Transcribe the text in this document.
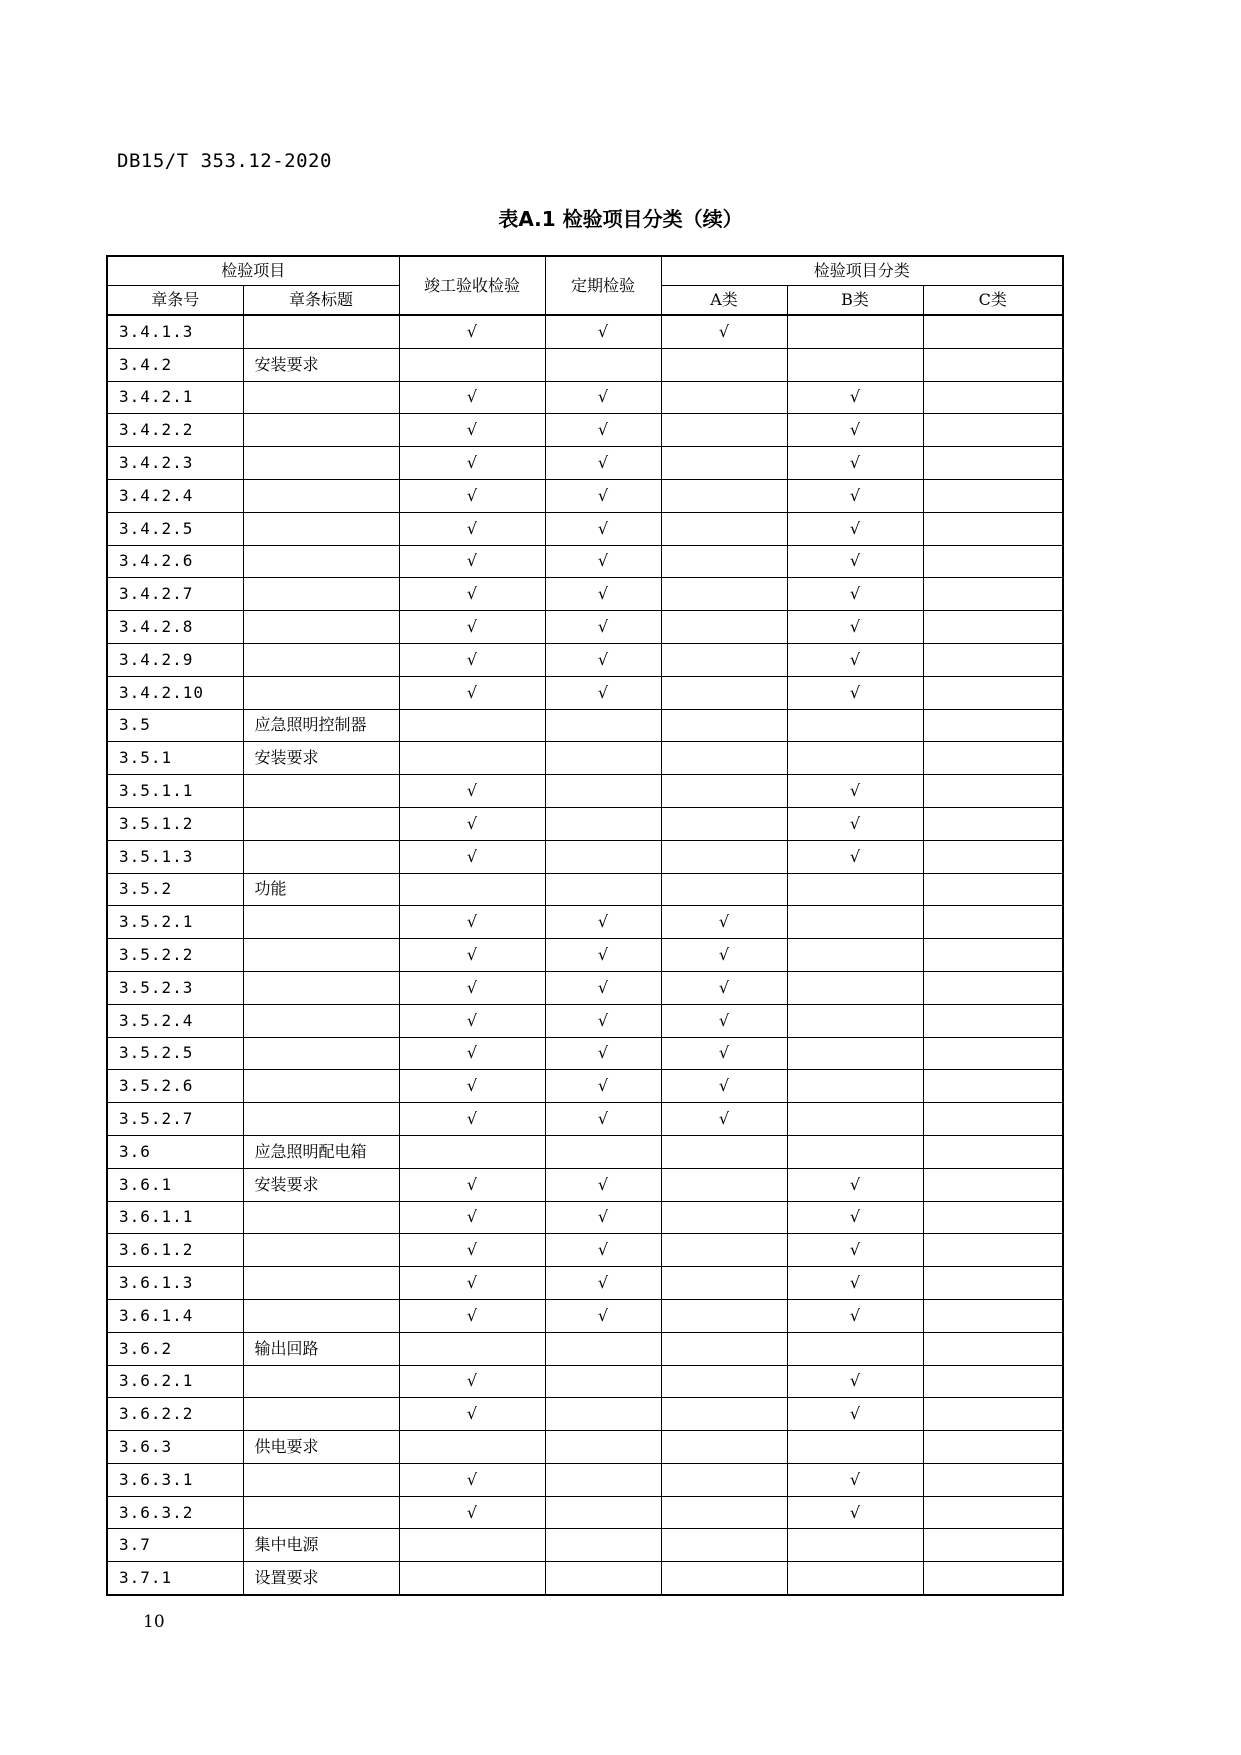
DB15/T 353.12-2020
表A.1 检验项目分类（续）
检验项目		竣工验收检验	定期检验	检验项目分类		
章条号	章条标题			A类	B类	C类
3.4.1.3		√	√	√		
3.4.2	安装要求					
3.4.2.1		√	√		√	
3.4.2.2		√	√		√	
3.4.2.3		√	√		√	
3.4.2.4		√	√		√	
3.4.2.5		√	√		√	
3.4.2.6		√	√		√	
3.4.2.7		√	√		√	
3.4.2.8		√	√		√	
3.4.2.9		√	√		√	
3.4.2.10		√	√		√	
3.5	应急照明控制器					
3.5.1	安装要求					
3.5.1.1		√			√	
3.5.1.2		√			√	
3.5.1.3		√			√	
3.5.2	功能					
3.5.2.1		√	√	√		
3.5.2.2		√	√	√		
3.5.2.3		√	√	√		
3.5.2.4		√	√	√		
3.5.2.5		√	√	√		
3.5.2.6		√	√	√		
3.5.2.7		√	√	√		
3.6	应急照明配电箱					
3.6.1	安装要求	√	√		√	
3.6.1.1		√	√		√	
3.6.1.2		√	√		√	
3.6.1.3		√	√		√	
3.6.1.4		√	√		√	
3.6.2	输出回路					
3.6.2.1		√			√	
3.6.2.2		√			√	
3.6.3	供电要求					
3.6.3.1		√			√	
3.6.3.2		√			√	
3.7	集中电源					
3.7.1	设置要求					
10
